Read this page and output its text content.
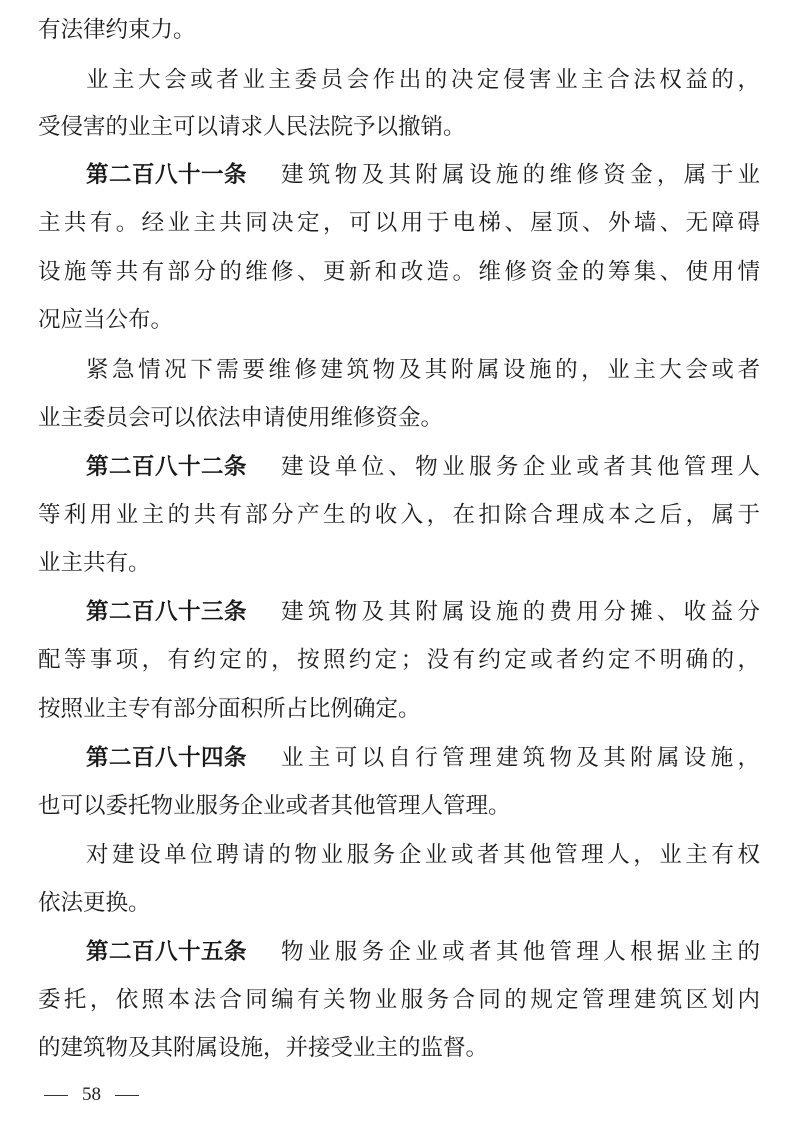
有法律约束力。
业主大会或者业主委员会作出的决定侵害业主合法权益的，
受侵害的业主可以请求人民法院予以撤销。
第二百八十一条 建筑物及其附属设施的维修资金，属于业
主共有。经业主共同决定，可以用于电梯、屋顶、外墙、无障碍
设施等共有部分的维修、更新和改造。维修资金的筹集、使用情
况应当公布。
紧急情况下需要维修建筑物及其附属设施的，业主大会或者
业主委员会可以依法申请使用维修资金。
第二百八十二条 建设单位、物业服务企业或者其他管理人
等利用业主的共有部分产生的收入，在扣除合理成本之后，属于
业主共有。
第二百八十三条 建筑物及其附属设施的费用分摊、收益分
配等事项，有约定的，按照约定；没有约定或者约定不明确的，
按照业主专有部分面积所占比例确定。
第二百八十四条 业主可以自行管理建筑物及其附属设施，
也可以委托物业服务企业或者其他管理人管理。
对建设单位聘请的物业服务企业或者其他管理人，业主有权
依法更换。
第二百八十五条 物业服务企业或者其他管理人根据业主的
委托，依照本法合同编有关物业服务合同的规定管理建筑区划内
的建筑物及其附属设施，并接受业主的监督。
58
